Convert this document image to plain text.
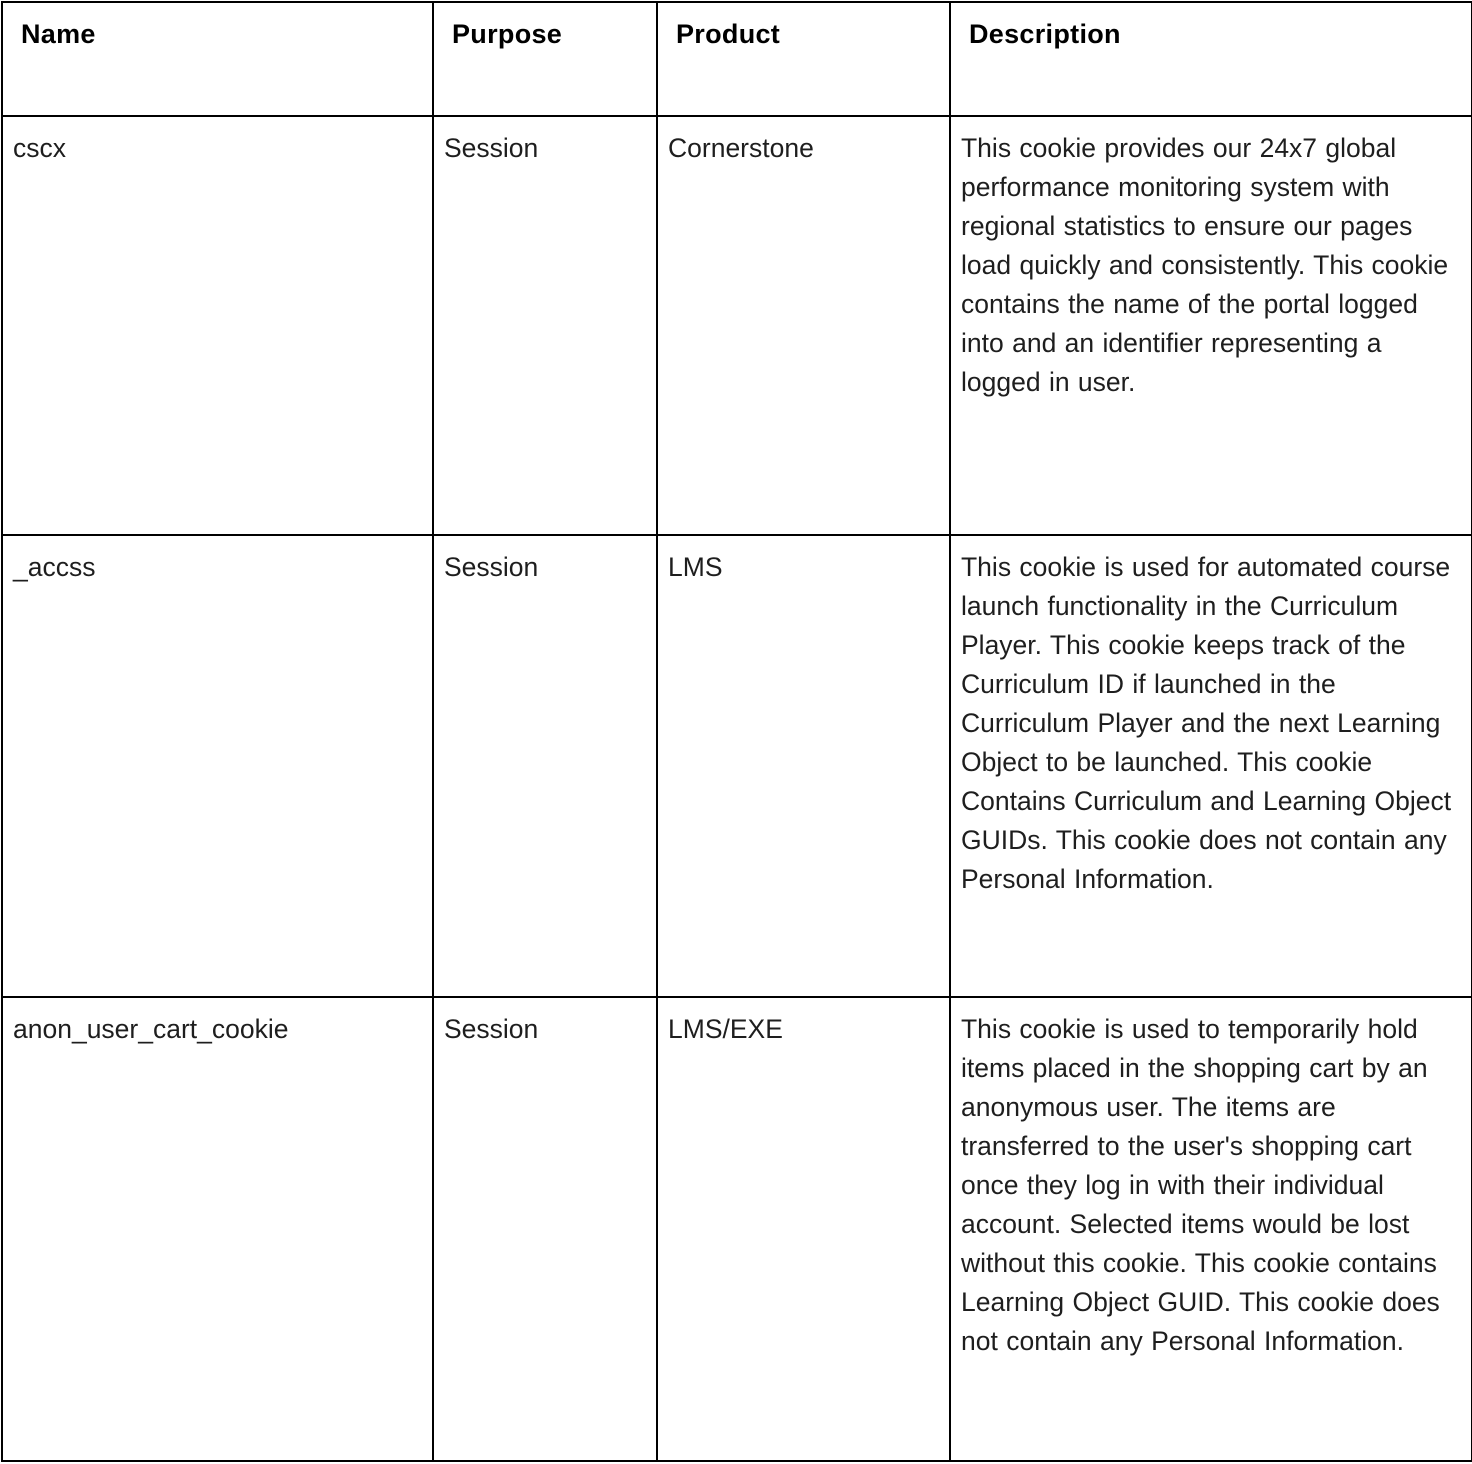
Name	Purpose	Product	Description

cscx	Session	Cornerstone	This cookie provides our 24x7 global performance monitoring system with regional statistics to ensure our pages load quickly and consistently. This cookie contains the name of the portal logged into and an identifier representing a logged in user.

_accss	Session	LMS	This cookie is used for automated course launch functionality in the Curriculum Player. This cookie keeps track of the Curriculum ID if launched in the Curriculum Player and the next Learning Object to be launched. This cookie Contains Curriculum and Learning Object GUIDs. This cookie does not contain any Personal Information.

anon_user_cart_cookie	Session	LMS/EXE	This cookie is used to temporarily hold items placed in the shopping cart by an anonymous user. The items are transferred to the user's shopping cart once they log in with their individual account. Selected items would be lost without this cookie. This cookie contains Learning Object GUID. This cookie does not contain any Personal Information.
